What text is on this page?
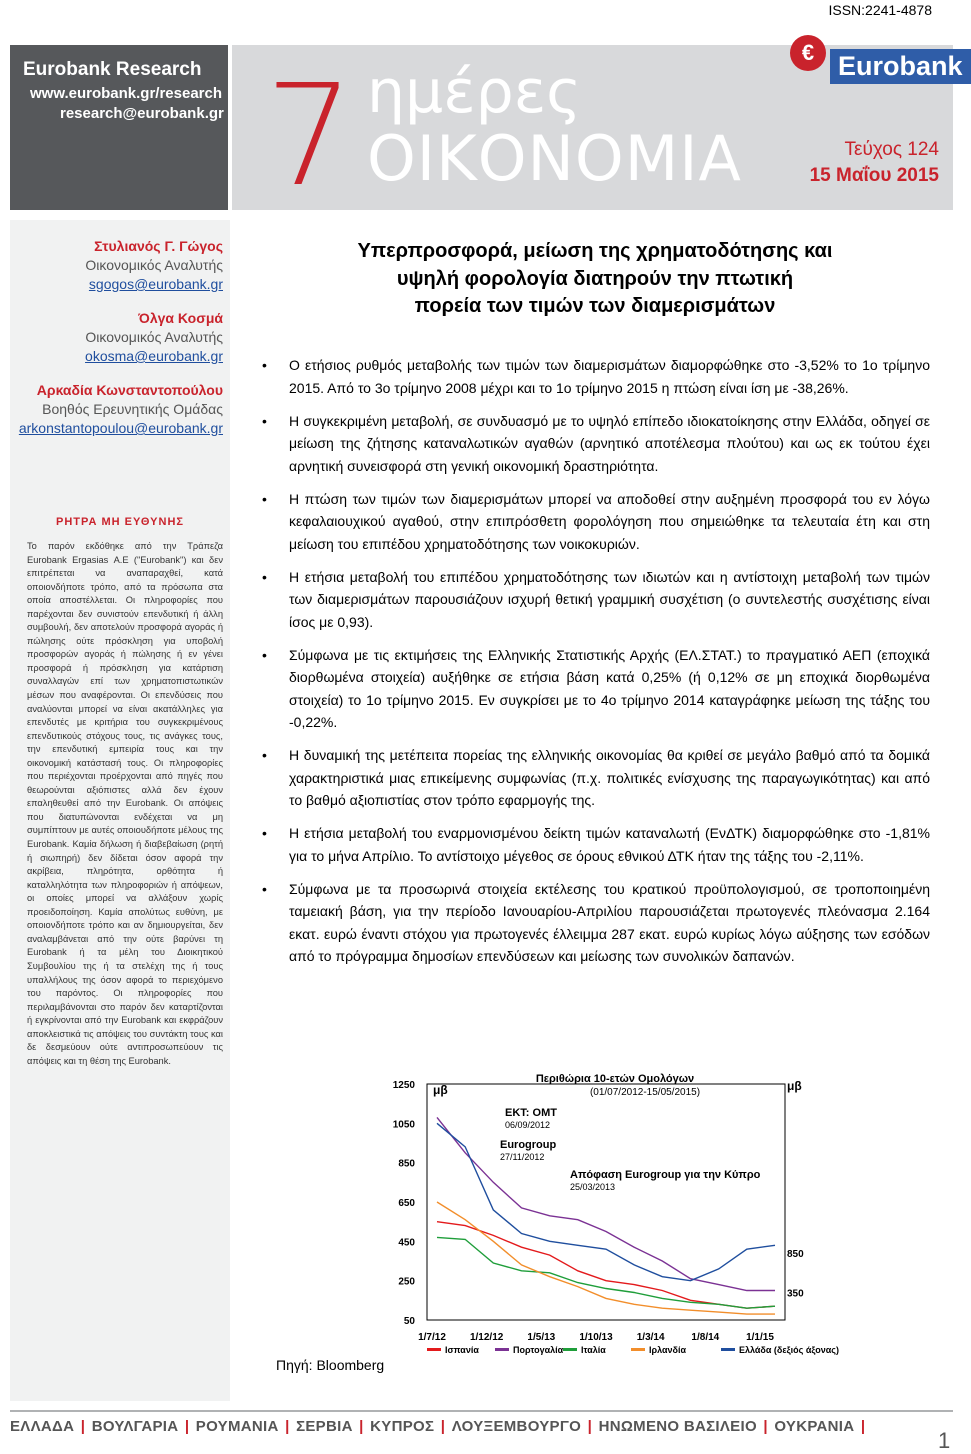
ISSN:2241-4878
Eurobank Research
www.eurobank.gr/research
research@eurobank.gr 7 ημέρες
ΟΙΚΟΝΟΜΙΑ
€ Eurobank
Τεύχος 124
15 Μαΐου 2015
Στυλιανός Γ. Γώγος
Οικονομικός Αναλυτής
sgogos@eurobank.gr
Όλγα Κοσμά
Οικονομικός Αναλυτής
okosma@eurobank.gr
Αρκαδία Κωνσταντοπούλου
Βοηθός Ερευνητικής Ομάδας
arkonstantopoulou@eurobank.gr
ΡΗΤΡΑ ΜΗ ΕΥΘΥΝΗΣ
Το παρόν εκδόθηκε από την Τράπεζα Eurobank Ergasias Α.Ε ("Eurobank") και δεν επιτρέπεται να αναπαραχθεί, κατά οποιονδήποτε τρόπο, από τα πρόσωπα στα οποία αποστέλλεται. Οι πληροφορίες που παρέχονται δεν συνιστούν επενδυτική ή άλλη συμβουλή, δεν αποτελούν προσφορά αγοράς ή πώλησης ούτε πρόσκληση για υποβολή προσφορών αγοράς ή πώλησης ή εν γένει προσφορά ή πρόσκληση για κατάρτιση συναλλαγών επί των χρηματοπιστωτικών μέσων που αναφέρονται. Οι επενδύσεις που αναλύονται μπορεί να είναι ακατάλληλες για επενδυτές με κριτήρια του συγκεκριμένους επενδυτικούς στόχους τους, τις ανάγκες τους, την επενδυτική εμπειρία τους και την οικονομική κατάστασή τους. Οι πληροφορίες που περιέχονται προέρχονται από πηγές που θεωρούνται αξιόπιστες αλλά δεν έχουν επαληθευθεί από την Eurobank. Οι απόψεις που διατυπώνονται ενδέχεται να μη συμπίπτουν με αυτές οποιουδήποτε μέλους της Eurobank. Καμία δήλωση ή διαβεβαίωση (ρητή ή σιωπηρή) δεν δίδεται όσον αφορά την ακρίβεια, πληρότητα, ορθότητα ή καταλληλότητα των πληροφοριών ή απόψεων, οι οποίες μπορεί να αλλάξουν χωρίς προειδοποίηση. Καμία απολύτως ευθύνη, με οποιονδήποτε τρόπο και αν δημιουργείται, δεν αναλαμβάνεται από την ούτε βαρύνει τη Eurobank ή τα μέλη του Διοικητικού Συμβουλίου της ή τα στελέχη της ή τους υπαλλήλους της όσον αφορά το περιεχόμενο του παρόντος. Οι πληροφορίες που περιλαμβάνονται στο παρόν δεν καταρτίζονται ή εγκρίνονται από την Eurobank και εκφράζουν αποκλειστικά τις απόψεις του συντάκτη τους και δε δεσμεύουν ούτε αντιπροσωπεύουν τις απόψεις και τη θέση της Eurobank.
Υπερπροσφορά, μείωση της χρηματοδότησης και
υψηλή φορολογία διατηρούν την πτωτική
πορεία των τιμών των διαμερισμάτων
• Ο ετήσιος ρυθμός μεταβολής των τιμών των διαμερισμάτων διαμορφώθηκε στο -3,52% το 1ο τρίμηνο 2015. Από το 3ο τρίμηνο 2008 μέχρι και το 1ο τρίμηνο 2015 η πτώση είναι ίση με -38,26%.
• Η συγκεκριμένη μεταβολή, σε συνδυασμό με το υψηλό επίπεδο ιδιοκατοίκησης στην Ελλάδα, οδηγεί σε μείωση της ζήτησης καταναλωτικών αγαθών (αρνητικό αποτέλεσμα πλούτου) και ως εκ τούτου έχει αρνητική συνεισφορά στη γενική οικονομική δραστηριότητα.
• Η πτώση των τιμών των διαμερισμάτων μπορεί να αποδοθεί στην αυξημένη προσφορά του εν λόγω κεφαλαιουχικού αγαθού, στην επιπρόσθετη φορολόγηση που σημειώθηκε τα τελευταία έτη και στη μείωση του επιπέδου χρηματοδότησης των νοικοκυριών.
• Η ετήσια μεταβολή του επιπέδου χρηματοδότησης των ιδιωτών και η αντίστοιχη μεταβολή των τιμών των διαμερισμάτων παρουσιάζουν ισχυρή θετική γραμμική συσχέτιση (ο συντελεστής συσχέτισης είναι ίσος με 0,93).
• Σύμφωνα με τις εκτιμήσεις της Ελληνικής Στατιστικής Αρχής (ΕΛ.ΣΤΑΤ.) το πραγματικό ΑΕΠ (εποχικά διορθωμένα στοιχεία) αυξήθηκε σε ετήσια βάση κατά 0,25% (ή 0,12% σε μη εποχικά διορθωμένα στοιχεία) το 1ο τρίμηνο 2015. Εν συγκρίσει με το 4ο τρίμηνο 2014 καταγράφηκε μείωση της τάξης του -0,22%.
• Η δυναμική της μετέπειτα πορείας της ελληνικής οικονομίας θα κριθεί σε μεγάλο βαθμό από τα δομικά χαρακτηριστικά μιας επικείμενης συμφωνίας (π.χ. πολιτικές ενίσχυσης της παραγωγικότητας) και από το βαθμό αξιοπιστίας στον τρόπο εφαρμογής της.
• Η ετήσια μεταβολή του εναρμονισμένου δείκτη τιμών καταναλωτή (ΕνΔΤΚ) διαμορφώθηκε στο -1,81% για το μήνα Απρίλιο. Το αντίστοιχο μέγεθος σε όρους εθνικού ΔΤΚ ήταν της τάξης του -2,11%.
• Σύμφωνα με τα προσωρινά στοιχεία εκτέλεσης του κρατικού προϋπολογισμού, σε τροποποιημένη ταμειακή βάση, για την περίοδο Ιανουαρίου-Απριλίου παρουσιάζεται πρωτογενές πλεόνασμα 2.164 εκατ. ευρώ έναντι στόχου για πρωτογενές έλλειμμα 287 εκατ. ευρώ κυρίως λόγω αύξησης των εσόδων από το πρόγραμμα δημοσίων επενδύσεων και μείωσης των συνολικών δαπανών.
Περιθώρια 10-ετών Ομολόγων
(01/07/2012-15/05/2015)
μβ	μβ
1250
1050
850
650
450
250
50
350
850
1/7/12 1/12/12 1/5/13 1/10/13 1/3/14	1/8/14	1/1/15
ΕΚΤ: ΟΜΤ
06/09/2012
Eurogroup
27/11/2012
Απόφαση Eurogroup για την Κύπρο
25/03/2013
Ισπανία	Πορτογαλία Ιταλία	Ιρλανδία	Ελλάδα (δεξιός άξονας)
Πηγή: Bloomberg
ΕΛΛΑΔΑ | ΒΟΥΛΓΑΡΙΑ | ΡΟΥΜΑΝΙΑ | ΣΕΡΒΙΑ | ΚΥΠΡΟΣ | ΛΟΥΞΕΜΒΟΥΡΓΟ | ΗΝΩΜΕΝΟ ΒΑΣΙΛΕΙΟ | ΟΥΚΡΑΝΙΑ |
1
